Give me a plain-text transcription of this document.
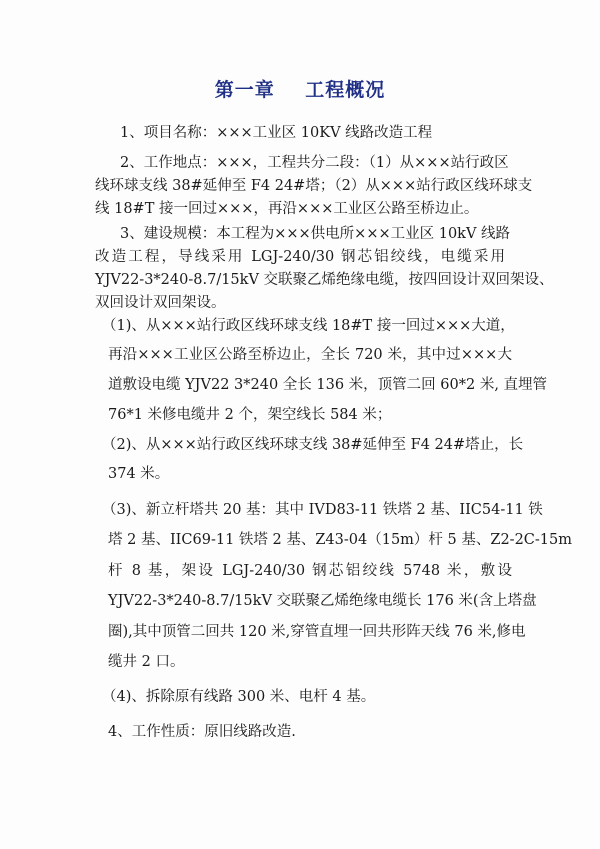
第一章    工程概况
1、项目名称：×××工业区 10KV 线路改造工程
2、工作地点：×××，工程共分二段：（1）从×××站行政区
线环球支线 38#延伸至 F4 24#塔；（2）从×××站行政区线环球支
线 18#T 接一回过×××，再沿×××工业区公路至桥边止。
3、建设规模：本工程为×××供电所×××工业区 10kV 线路
改造工程，导线采用 LGJ-240/30 钢芯铝绞线，电缆采用
YJV22-3*240-8.7/15kV 交联聚乙烯绝缘电缆，按四回设计双回架设、
双回设计双回架设。
（1)、从×××站行政区线环球支线 18#T 接一回过×××大道，
再沿×××工业区公路至桥边止，全长 720 米，其中过×××大
道敷设电缆 YJV22 3*240 全长 136 米，顶管二回 60*2 米, 直埋管
76*1 米修电缆井 2 个，架空线长 584 米；
（2)、从×××站行政区线环球支线 38#延伸至 F4 24#塔止，长
374 米。
（3)、新立杆塔共 20 基：其中 IVD83-11 铁塔 2 基、IIC54-11 铁
塔 2 基、IIC69-11 铁塔 2 基、Z43-04（15m）杆 5 基、Z2-2C-15m
杆 8 基，架设 LGJ-240/30 钢芯铝绞线 5748 米，敷设
YJV22-3*240-8.7/15kV 交联聚乙烯绝缘电缆长 176 米(含上塔盘
圈),其中顶管二回共 120 米,穿管直埋一回共形阵天线 76 米,修电
缆井 2 口。
（4)、拆除原有线路 300 米、电杆 4 基。
4、工作性质：原旧线路改造.
